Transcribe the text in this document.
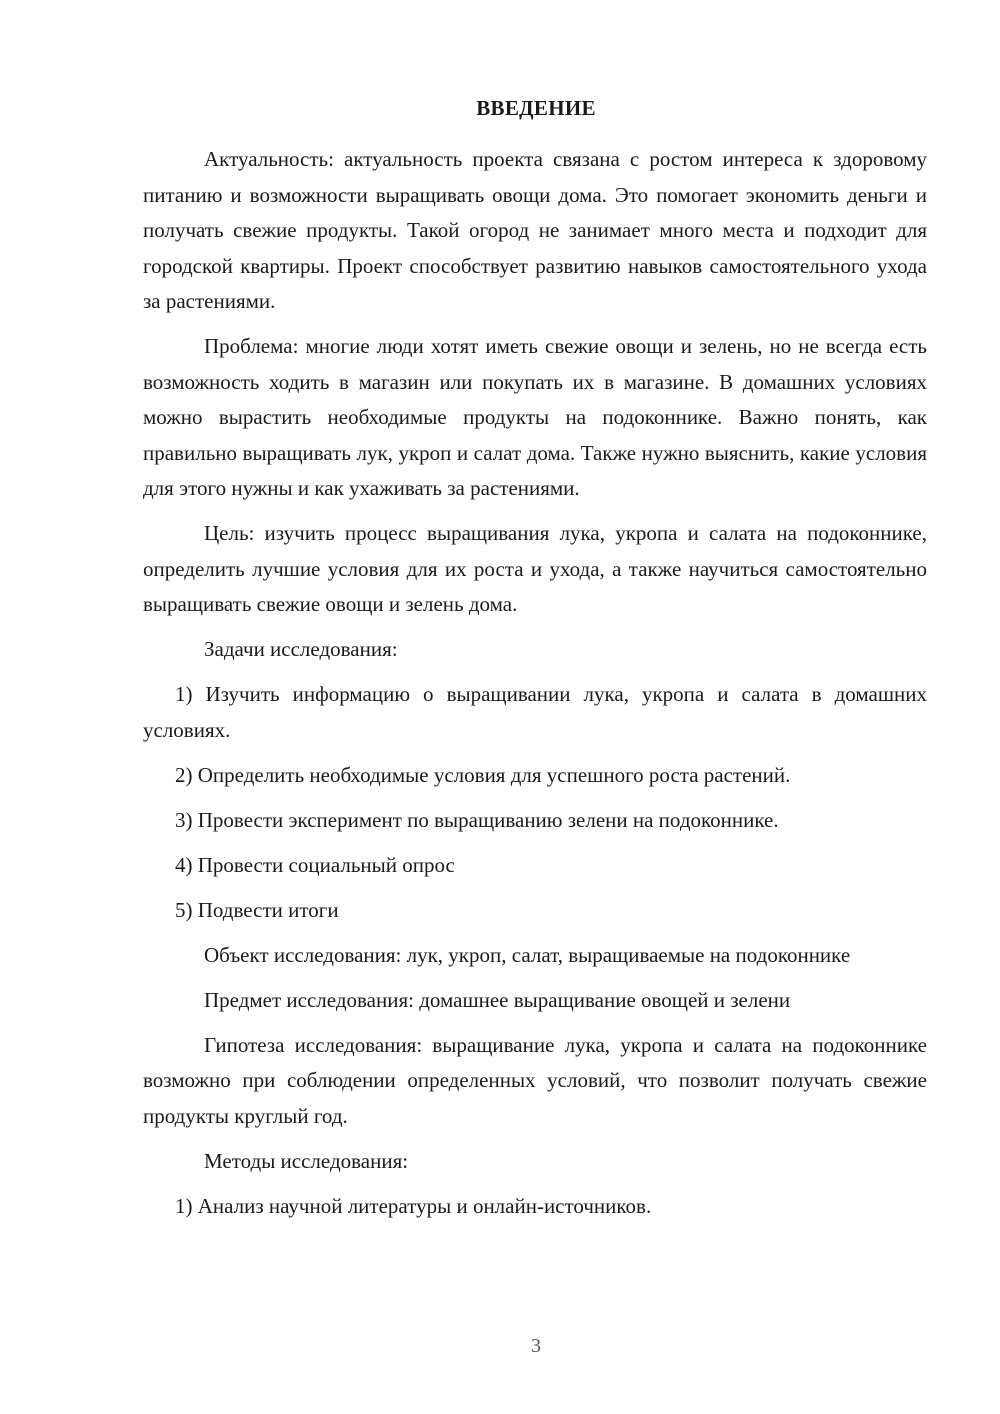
ВВЕДЕНИЕ

Актуальность: актуальность проекта связана с ростом интереса к здоровому питанию и возможности выращивать овощи дома. Это помогает экономить деньги и получать свежие продукты. Такой огород не занимает много места и подходит для городской квартиры. Проект способствует развитию навыков самостоятельного ухода за растениями.

Проблема: многие люди хотят иметь свежие овощи и зелень, но не всегда есть возможность ходить в магазин или покупать их в магазине. В домашних условиях можно вырастить необходимые продукты на подоконнике. Важно понять, как правильно выращивать лук, укроп и салат дома. Также нужно выяснить, какие условия для этого нужны и как ухаживать за растениями.

Цель: изучить процесс выращивания лука, укропа и салата на подоконнике, определить лучшие условия для их роста и ухода, а также научиться самостоятельно выращивать свежие овощи и зелень дома.

Задачи исследования:

1) Изучить информацию о выращивании лука, укропа и салата в домашних условиях.

2) Определить необходимые условия для успешного роста растений.

3) Провести эксперимент по выращиванию зелени на подоконнике.

4) Провести социальный опрос

5) Подвести итоги

Объект исследования: лук, укроп, салат, выращиваемые на подоконнике

Предмет исследования: домашнее выращивание овощей и зелени

Гипотеза исследования: выращивание лука, укропа и салата на подоконнике возможно при соблюдении определенных условий, что позволит получать свежие продукты круглый год.

Методы исследования:

1) Анализ научной литературы и онлайн-источников.

3
